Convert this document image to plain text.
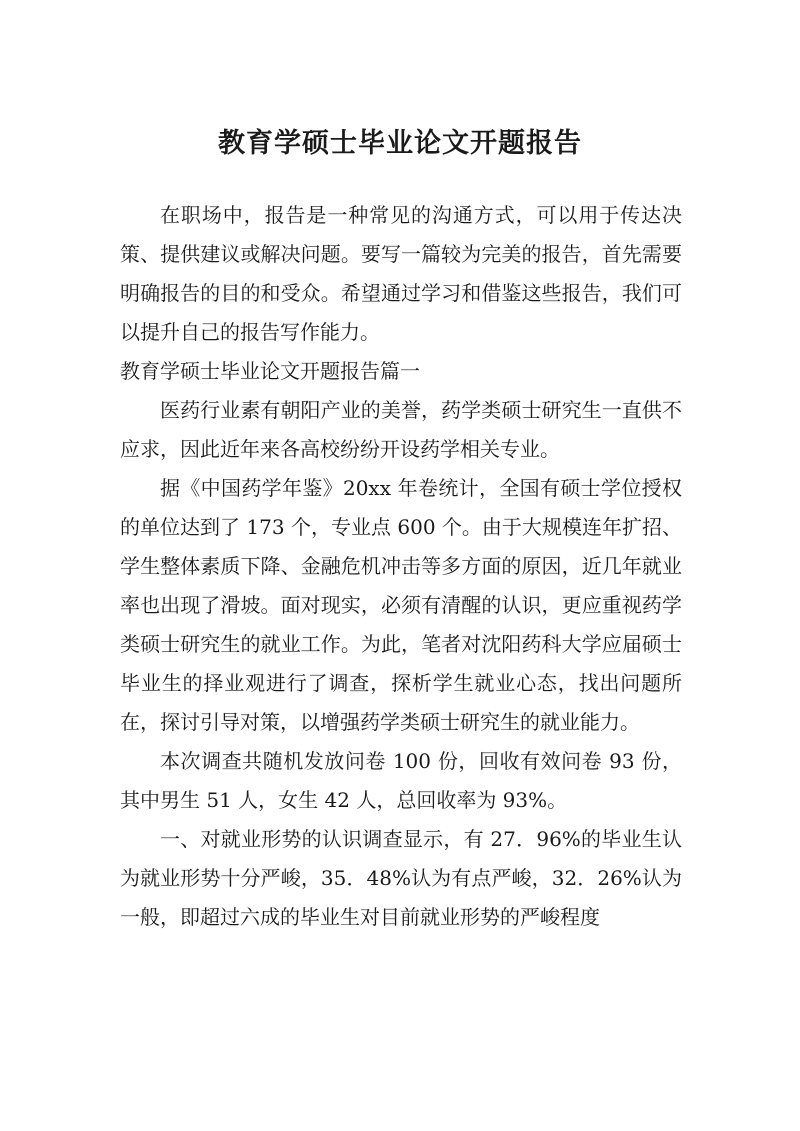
教育学硕士毕业论文开题报告

在职场中，报告是一种常见的沟通方式，可以用于传达决策、提供建议或解决问题。要写一篇较为完美的报告，首先需要明确报告的目的和受众。希望通过学习和借鉴这些报告，我们可以提升自己的报告写作能力。

教育学硕士毕业论文开题报告篇一

医药行业素有朝阳产业的美誉，药学类硕士研究生一直供不应求，因此近年来各高校纷纷开设药学相关专业。

据《中国药学年鉴》20xx 年卷统计，全国有硕士学位授权的单位达到了 173 个，专业点 600 个。由于大规模连年扩招、学生整体素质下降、金融危机冲击等多方面的原因，近几年就业率也出现了滑坡。面对现实，必须有清醒的认识，更应重视药学类硕士研究生的就业工作。为此，笔者对沈阳药科大学应届硕士毕业生的择业观进行了调查，探析学生就业心态，找出问题所在，探讨引导对策，以增强药学类硕士研究生的就业能力。

本次调查共随机发放问卷 100 份，回收有效问卷 93 份，其中男生 51 人，女生 42 人，总回收率为 93%。

一、对就业形势的认识调查显示，有 27．96%的毕业生认为就业形势十分严峻，35．48%认为有点严峻，32．26%认为一般，即超过六成的毕业生对目前就业形势的严峻程度
